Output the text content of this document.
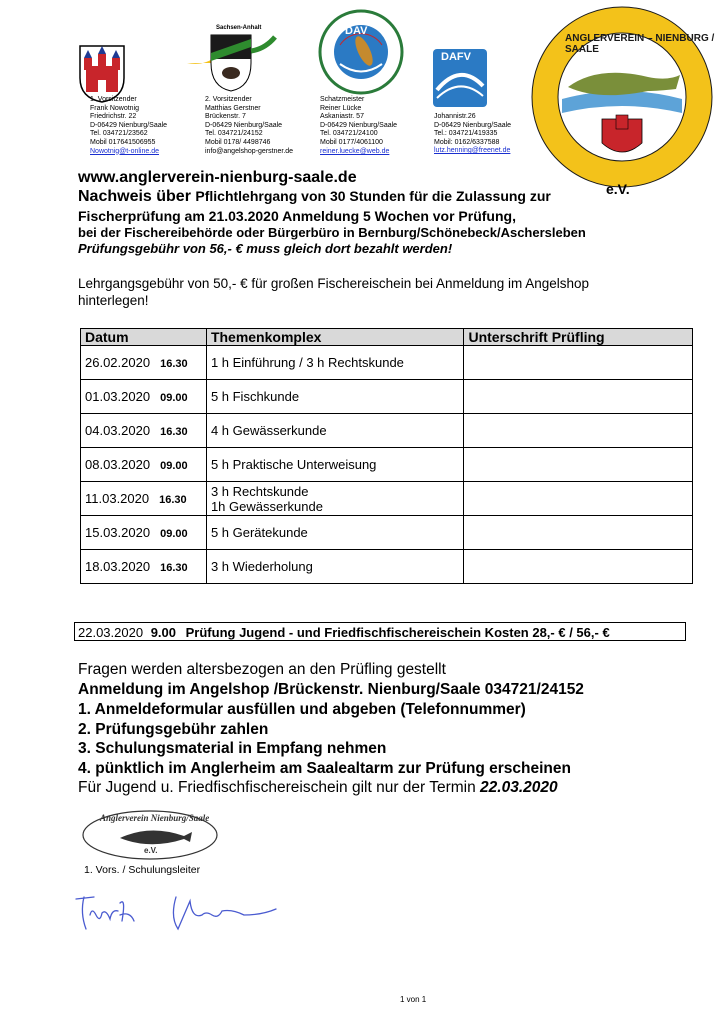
Sachsen-Anhalt	DAV
DAFV
ANGLERVEREIN – NIENBURG / SAALE
e.V.
1. Vorsitzender
Frank Nowotnig
Friedrichstr. 22
D-06429 Nienburg/Saale
Tel. 034721/23562
Mobil 017641506955
Nowotnig@t-online.de
2. Vorsitzender
Matthias Gerstner
Brückenstr. 7
D-06429 Nienburg/Saale
Tel. 034721/24152
Mobil 0178/ 4498746
info@angelshop-gerstner.de
Schatzmeister
Reiner Lücke
Askaniastr. 57
D-06429 Nienburg/Saale
Tel. 034721/24100
Mobil 0177/4061100
reiner.luecke@web.de
Johannistr.26
D-06429 Nienburg/Saale
Tel.: 034721/419335
Mobil: 0162/6337588
lutz.henning@freenet.de
www.anglerverein-nienburg-saale.de
Nachweis über Pflichtlehrgang von 30 Stunden für die Zulassung zur
Fischerprüfung am 21.03.2020 Anmeldung 5 Wochen vor Prüfung,
bei der Fischereibehörde oder Bürgerbüro in Bernburg/Schönebeck/Aschersleben
Prüfungsgebühr von 56,- € muss gleich dort bezahlt werden!
Lehrgangsgebühr von 50,- € für großen Fischereischein bei Anmeldung im Angelshop
hinterlegen!
Datum	Themenkomplex	Unterschrift Prüfling
26.02.2020 16.30	1 h Einführung / 3 h Rechtskunde	
01.03.2020 09.00	5 h Fischkunde	
04.03.2020 16.30	4 h Gewässerkunde	
08.03.2020 09.00	5 h Praktische Unterweisung	
11.03.2020 16.30	3 h Rechtskunde
1h Gewässerkunde	

15.03.2020 09.00	5 h Gerätekunde	
18.03.2020 16.30	3 h Wiederholung	
22.03.2020 9.00 Prüfung Jugend - und Friedfischfischereischein Kosten 28,- € / 56,- €
Fragen werden altersbezogen an den Prüfling gestellt
Anmeldung im Angelshop /Brückenstr. Nienburg/Saale 034721/24152
1. Anmeldeformular ausfüllen und abgeben (Telefonnummer)
2. Prüfungsgebühr zahlen
3. Schulungsmaterial in Empfang nehmen
4. pünktlich im Anglerheim am Saalealtarm zur Prüfung erscheinen
Für Jugend u. Friedfischfischereischein gilt nur der Termin 22.03.2020
Anglerverein Nienburg/Saale
e.V.
1. Vors. / Schulungsleiter
1 von 1
